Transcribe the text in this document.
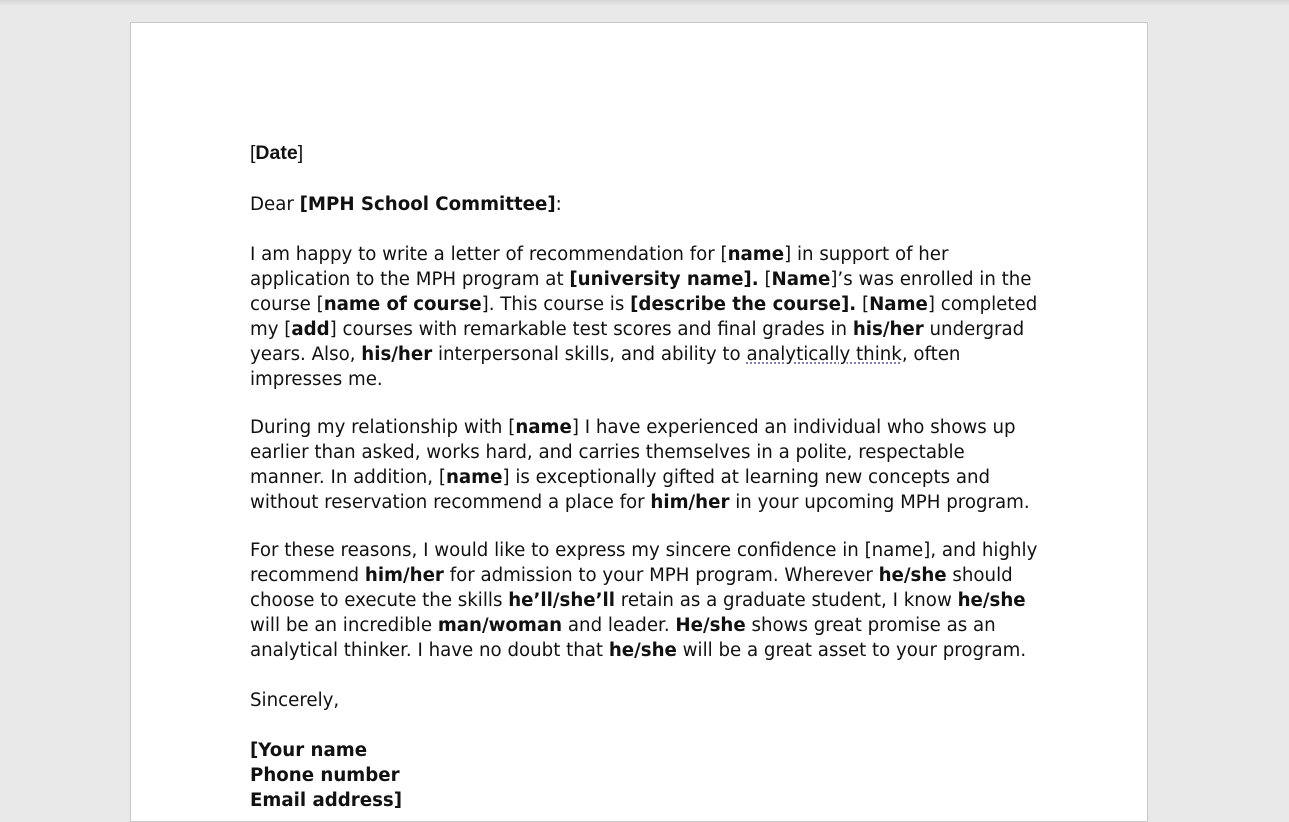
[Date]

Dear [MPH School Committee]:

I am happy to write a letter of recommendation for [name] in support of her application to the MPH program at [university name]. [Name]’s was enrolled in the course [name of course]. This course is [describe the course]. [Name] completed my [add] courses with remarkable test scores and final grades in his/her undergrad years. Also, his/her interpersonal skills, and ability to analytically think, often impresses me.

During my relationship with [name] I have experienced an individual who shows up earlier than asked, works hard, and carries themselves in a polite, respectable manner. In addition, [name] is exceptionally gifted at learning new concepts and without reservation recommend a place for him/her in your upcoming MPH program.

For these reasons, I would like to express my sincere confidence in [name], and highly recommend him/her for admission to your MPH program. Wherever he/she should choose to execute the skills he’ll/she’ll retain as a graduate student, I know he/she will be an incredible man/woman and leader. He/she shows great promise as an analytical thinker. I have no doubt that he/she will be a great asset to your program.

Sincerely,

[Your name
Phone number
Email address]
